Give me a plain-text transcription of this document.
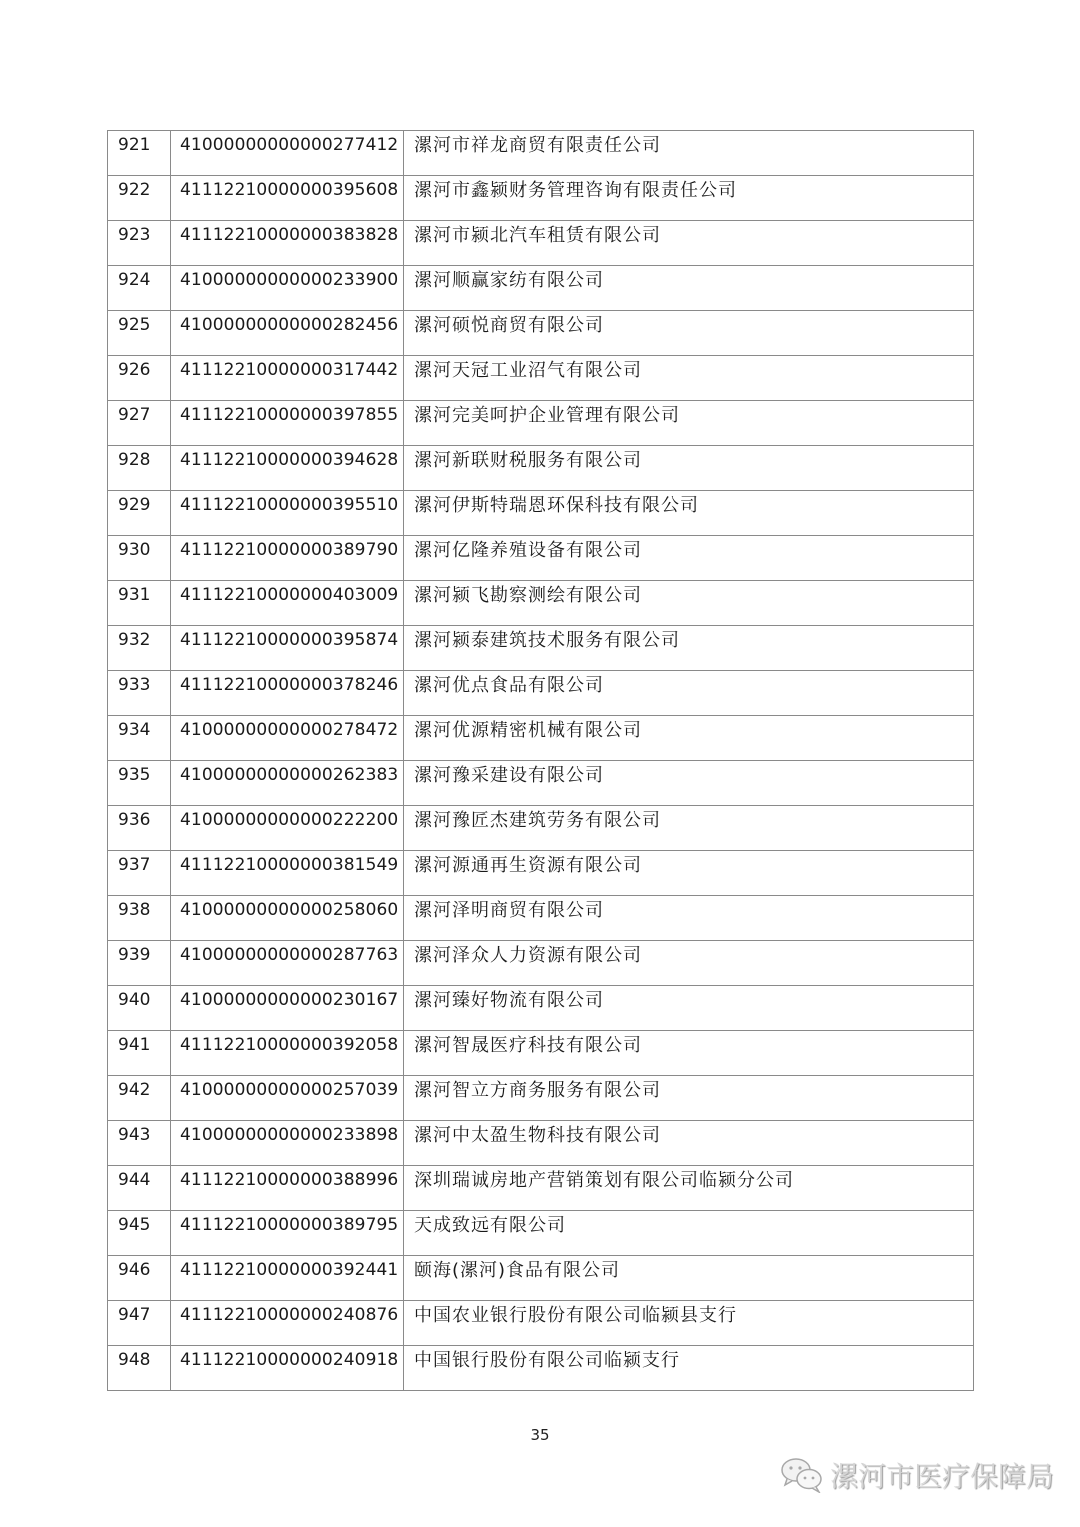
921	41000000000000277412	漯河市祥龙商贸有限责任公司

922	41112210000000395608	漯河市鑫颍财务管理咨询有限责任公司

923	41112210000000383828	漯河市颍北汽车租赁有限公司

924	41000000000000233900	漯河顺赢家纺有限公司

925	41000000000000282456	漯河硕悦商贸有限公司

926	41112210000000317442	漯河天冠工业沼气有限公司

927	41112210000000397855	漯河完美呵护企业管理有限公司

928	41112210000000394628	漯河新联财税服务有限公司

929	41112210000000395510	漯河伊斯特瑞恩环保科技有限公司

930	41112210000000389790	漯河亿隆养殖设备有限公司

931	41112210000000403009	漯河颍飞勘察测绘有限公司

932	41112210000000395874	漯河颍泰建筑技术服务有限公司

933	41112210000000378246	漯河优点食品有限公司

934	41000000000000278472	漯河优源精密机械有限公司

935	41000000000000262383	漯河豫采建设有限公司

936	41000000000000222200	漯河豫匠杰建筑劳务有限公司

937	41112210000000381549	漯河源通再生资源有限公司

938	41000000000000258060	漯河泽明商贸有限公司

939	41000000000000287763	漯河泽众人力资源有限公司

940	41000000000000230167	漯河臻好物流有限公司

941	41112210000000392058	漯河智晟医疗科技有限公司

942	41000000000000257039	漯河智立方商务服务有限公司

943	41000000000000233898	漯河中太盈生物科技有限公司

944	41112210000000388996	深圳瑞诚房地产营销策划有限公司临颍分公司

945	41112210000000389795	天成致远有限公司

946	41112210000000392441	颐海(漯河)食品有限公司

947	41112210000000240876	中国农业银行股份有限公司临颍县支行

948	41112210000000240918	中国银行股份有限公司临颍支行
35
漯河市医疗保障局
